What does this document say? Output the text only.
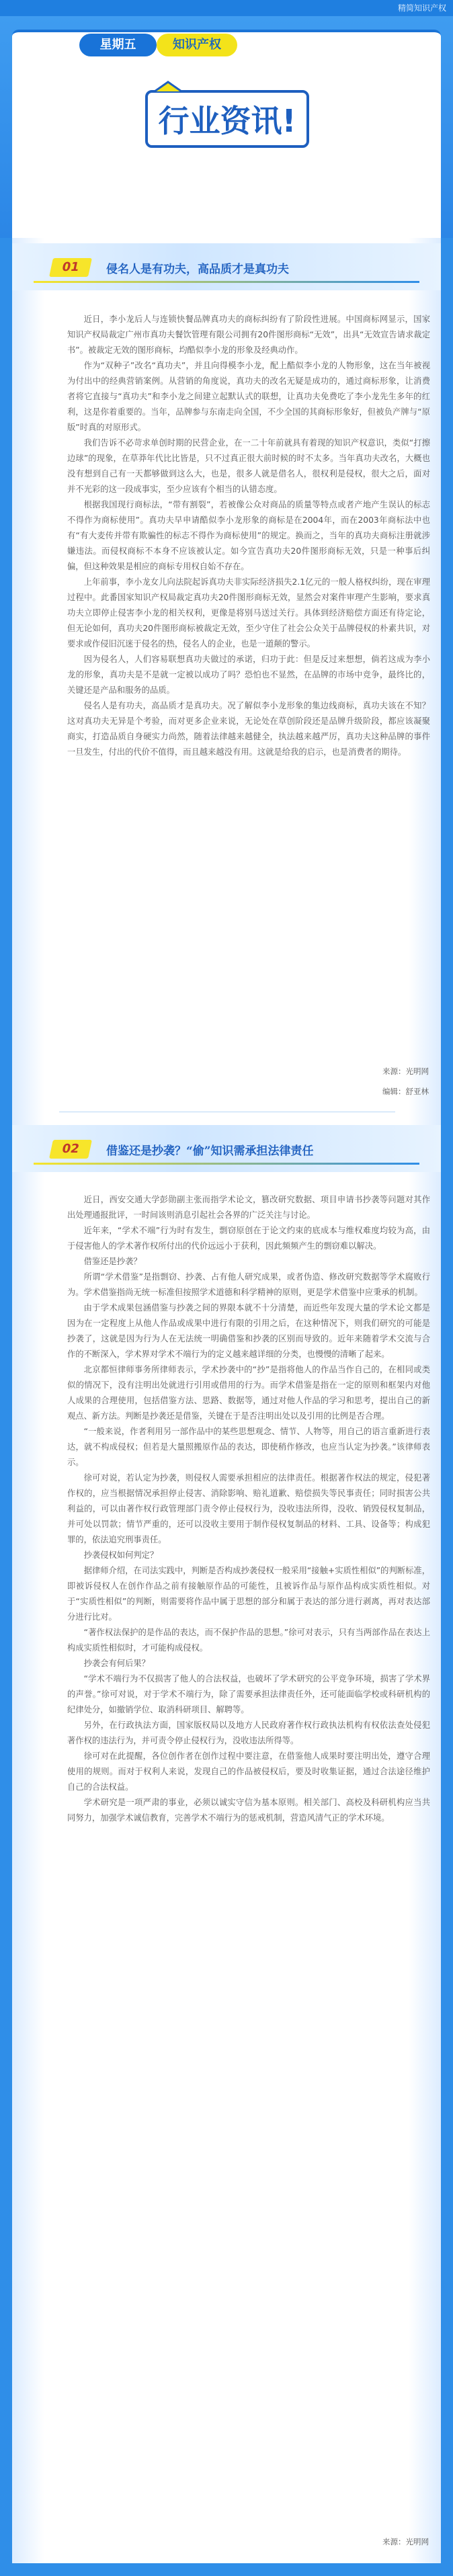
精简知识产权
星期五	知识产权
行业资讯!
01	侵名人是有功夫，高品质才是真功夫

近日，李小龙后人与连锁快餐品牌真功夫的商标纠纷有了阶段性进展。中国商标网显示，国家知识产权局裁定广州市真功夫餐饮管理有限公司拥有20件图形商标“无效”，出具“无效宣告请求裁定书”。被裁定无效的图形商标，均酷似李小龙的形象及经典动作。

作为“双种子”改名“真功夫”，并且向得模李小龙，配上酷似李小龙的人物形象，这在当年被视为付出中的经典营销案例。从营销的角度说，真功夫的改名无疑是成功的，通过商标形象，让消费者将它直接与“真功夫”和李小龙之间建立起默认式的联想，让真功夫免费吃了李小龙先生多年的红利，这是你着重要的。当年，品牌参与东南走向全国，不少全国的其商标形象好，但被负产牌与“原版”时真的对原形式。

我们告诉不必苛求单创时期的民营企业，在一二十年前就具有着现的知识产权意识，类似“打擦边球”的现象，在草莽年代比比皆是，只不过真正很大前时候的时不太多。当年真功夫改名，大概也没有想到自己有一天都够做到这么大，也是，很多人就是借名人，很权利是侵权，很大之后，面对并不光彩的这一段成事实，至少应该有个相当的认错态度。

根据我国现行商标法，“带有割裂”，若被像公众对商品的质量等特点或者产地产生误认的标志不得作为商标使用”。真功夫早申请酷似李小龙形象的商标是在2004年，而在2003年商标法中也有“有大麦传并带有欺骗性的标志不得作为商标使用”的规定。换而之，当年的真功夫商标注册就涉嫌违法。而侵权商标不本身不应该被认定。如今宣告真功夫20件图形商标无效，只是一种事后纠偏，但这种效果是相应的商标专用权自始不存在。

上年前事，李小龙女儿向法院起诉真功夫非实际经济损失2.1亿元的一般人格权纠纷，现在审理过程中。此番国家知识产权局裁定真功夫20件图形商标无效，显然会对案件审理产生影响，要求真功夫立即停止侵害李小龙的相关权利，更像是将别马送过关行。具体到经济赔偿方面还有待定论，但无论如何，真功夫20件图形商标被裁定无效，至少守住了社会公众关于品牌侵权的朴素共识，对要求或作侵旧沉迷于侵名的热，侵名人的企业，也是一道颠的警示。

因为侵名人，人们容易联想真功夫做过的承诺，归功于此：但是反过来想想，倘若这成为李小龙的形象，真功夫是不是就一定被以成功了吗？恐怕也不显然，在品牌的市场中竞争，最终比的，关键还是产品和服务的品质。

侵名人是有功夫，高品质才是真功夫。况了解似李小龙形象的集边线商标，真功夫该在不知？这对真功夫无异是个考验，而对更多企业来说，无论处在草创阶段还是品牌升级阶段，都应该凝聚商实，打造品质自身硬实力尚然，随着法律越来越健全，执法越来越严厉，真功夫这种品牌的事件一旦发生，付出的代价不值得，而且越来越没有用。这就是给我的启示，也是消费者的期待。

来源：光明网
编辑：舒亚林
02	借鉴还是抄袭？“偷”知识需承担法律责任

近日，西安交通大学彭勋副主张而指学术论文，篡改研究数据、项目申请书抄袭等问题对其作出处理通报批评，一时间该则消息引起社会各界的广泛关注与讨论。

近年来，“学术不端”行为时有发生，剽窃原创在于论文约束的底成本与维权难度均较为高，由于侵害他人的学术著作权所付出的代价远远小于获利，因此频频产生的剽窃难以解决。

借鉴还是抄袭？

所谓“学术借鉴”是指剽窃、抄袭、占有他人研究成果，或者伪造、修改研究数据等学术腐败行为。学术借鉴指尚无统一标准但按照学术道德和科学精神的原则，更是学术借鉴中应秉承的机制。

由于学术成果包涵借鉴与抄袭之间的界限本就不十分清楚，而近些年发现大量的学术论文都是因为在一定程度上从他人作品或成果中进行有限的引用之后，在这种情况下，则我们研究的可能是抄袭了，这就是因为行为人在无法统一明确借鉴和抄袭的区别而导致的。近年来随着学术交流与合作的不断深入，学术界对学术不端行为的定义越来越详细的分类，也慢慢的清晰了起来。

北京都恒律师事务所律师表示，学术抄袭中的“抄”是指将他人的作品当作自己的，在相同或类似的情况下，没有注明出处就进行引用或借用的行为。而学术借鉴是指在一定的原则和框架内对他人成果的合理使用，包括借鉴方法、思路、数据等，通过对他人作品的学习和思考，提出自己的新观点、新方法。判断是抄袭还是借鉴，关键在于是否注明出处以及引用的比例是否合理。

“一般来说，作者利用另一部作品中的某些思想观念、情节、人物等，用自己的语言重新进行表达，就不构成侵权；但若是大量照搬原作品的表达，即使稍作修改，也应当认定为抄袭。”该律师表示。

徐可对说，若认定为抄袭，则侵权人需要承担相应的法律责任。根据著作权法的规定，侵犯著作权的，应当根据情况承担停止侵害、消除影响、赔礼道歉、赔偿损失等民事责任；同时损害公共利益的，可以由著作权行政管理部门责令停止侵权行为，没收违法所得，没收、销毁侵权复制品，并可处以罚款；情节严重的，还可以没收主要用于制作侵权复制品的材料、工具、设备等；构成犯罪的，依法追究刑事责任。

抄袭侵权如何判定？

据律师介绍，在司法实践中，判断是否构成抄袭侵权一般采用“接触+实质性相似”的判断标准，即被诉侵权人在创作作品之前有接触原作品的可能性，且被诉作品与原作品构成实质性相似。对于“实质性相似”的判断，则需要将作品中属于思想的部分和属于表达的部分进行剥离，再对表达部分进行比对。

“著作权法保护的是作品的表达，而不保护作品的思想。”徐可对表示，只有当两部作品在表达上构成实质性相似时，才可能构成侵权。

抄袭会有何后果？

“学术不端行为不仅损害了他人的合法权益，也破坏了学术研究的公平竞争环境，损害了学术界的声誉。”徐可对说，对于学术不端行为，除了需要承担法律责任外，还可能面临学校或科研机构的纪律处分，如撤销学位、取消科研项目、解聘等。

另外，在行政执法方面，国家版权局以及地方人民政府著作权行政执法机构有权依法查处侵犯著作权的违法行为，并可责令停止侵权行为，没收违法所得等。

徐可对在此提醒，各位创作者在创作过程中要注意，在借鉴他人成果时要注明出处，遵守合理使用的规则。而对于权利人来说，发现自己的作品被侵权后，要及时收集证据，通过合法途径维护自己的合法权益。

学术研究是一项严肃的事业，必须以诚实守信为基本原则。相关部门、高校及科研机构应当共同努力，加强学术诚信教育，完善学术不端行为的惩戒机制，营造风清气正的学术环境。

来源：光明网
